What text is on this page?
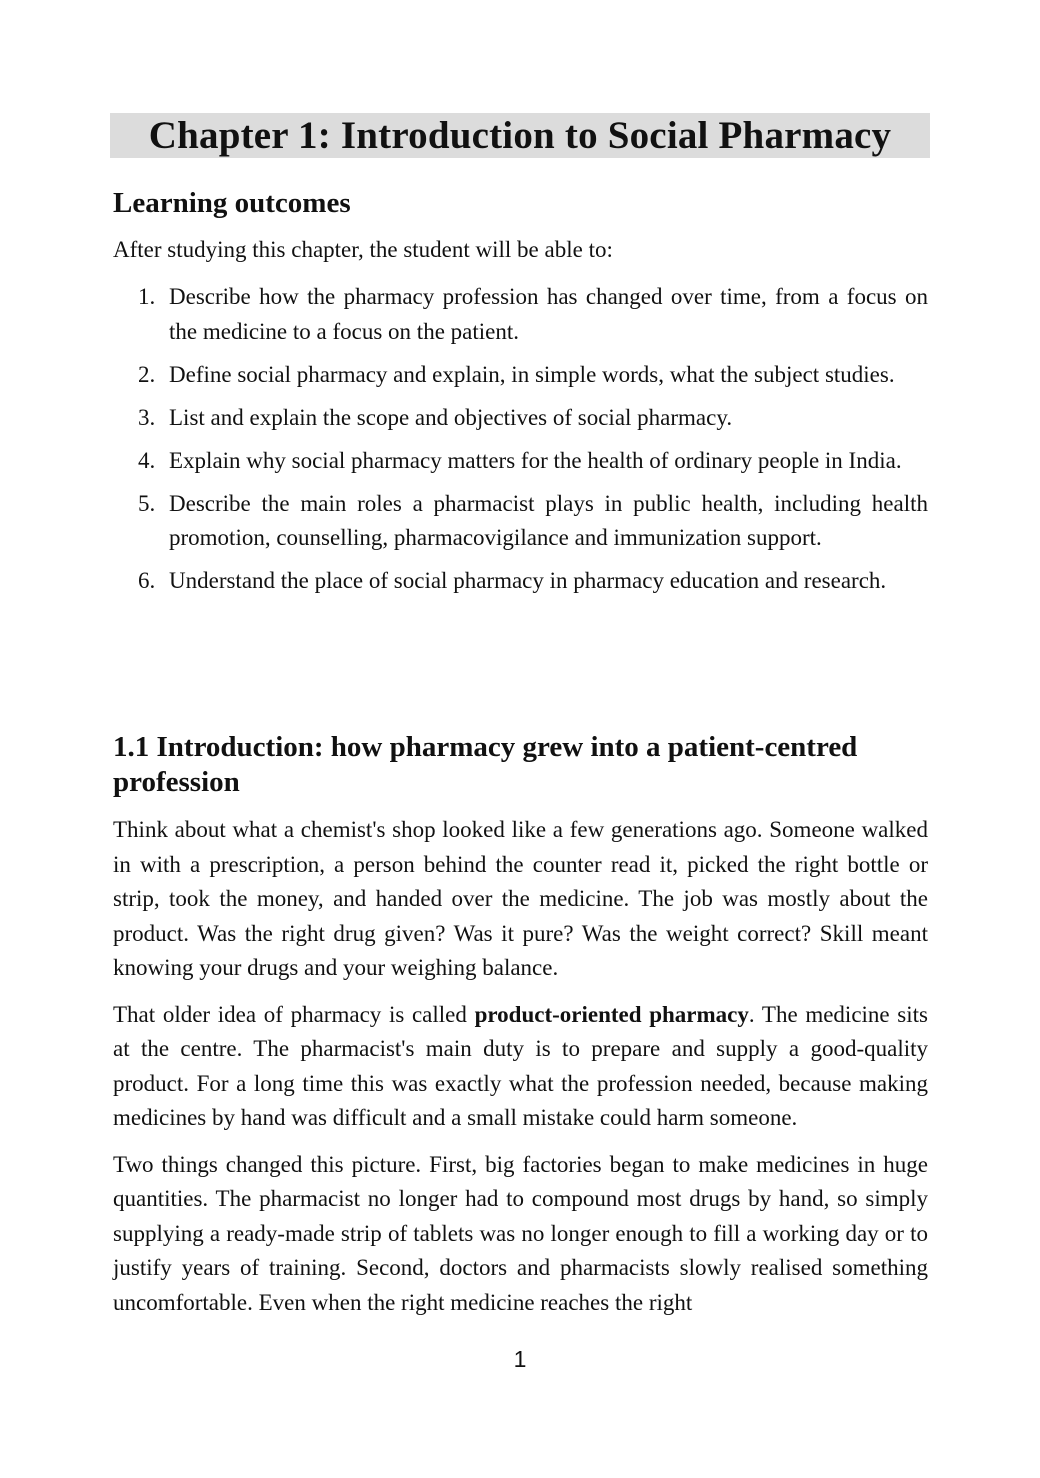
Chapter 1: Introduction to Social Pharmacy
Learning outcomes

After studying this chapter, the student will be able to:

1. Describe how the pharmacy profession has changed over time, from a focus on the medicine to a focus on the patient.
2. Define social pharmacy and explain, in simple words, what the subject studies.
3. List and explain the scope and objectives of social pharmacy.
4. Explain why social pharmacy matters for the health of ordinary people in India.
5. Describe the main roles a pharmacist plays in public health, including health promotion, counselling, pharmacovigilance and immunization support.
6. Understand the place of social pharmacy in pharmacy education and research.
1.1 Introduction: how pharmacy grew into a patient-centred profession

Think about what a chemist's shop looked like a few generations ago. Someone walked in with a prescription, a person behind the counter read it, picked the right bottle or strip, took the money, and handed over the medicine. The job was mostly about the product. Was the right drug given? Was it pure? Was the weight correct? Skill meant knowing your drugs and your weighing balance.

That older idea of pharmacy is called product-oriented pharmacy. The medicine sits at the centre. The pharmacist's main duty is to prepare and supply a good-quality product. For a long time this was exactly what the profession needed, because making medicines by hand was difficult and a small mistake could harm someone.

Two things changed this picture. First, big factories began to make medicines in huge quantities. The pharmacist no longer had to compound most drugs by hand, so simply supplying a ready-made strip of tablets was no longer enough to fill a working day or to justify years of training. Second, doctors and pharmacists slowly realised something uncomfortable. Even when the right medicine reaches the right

1
